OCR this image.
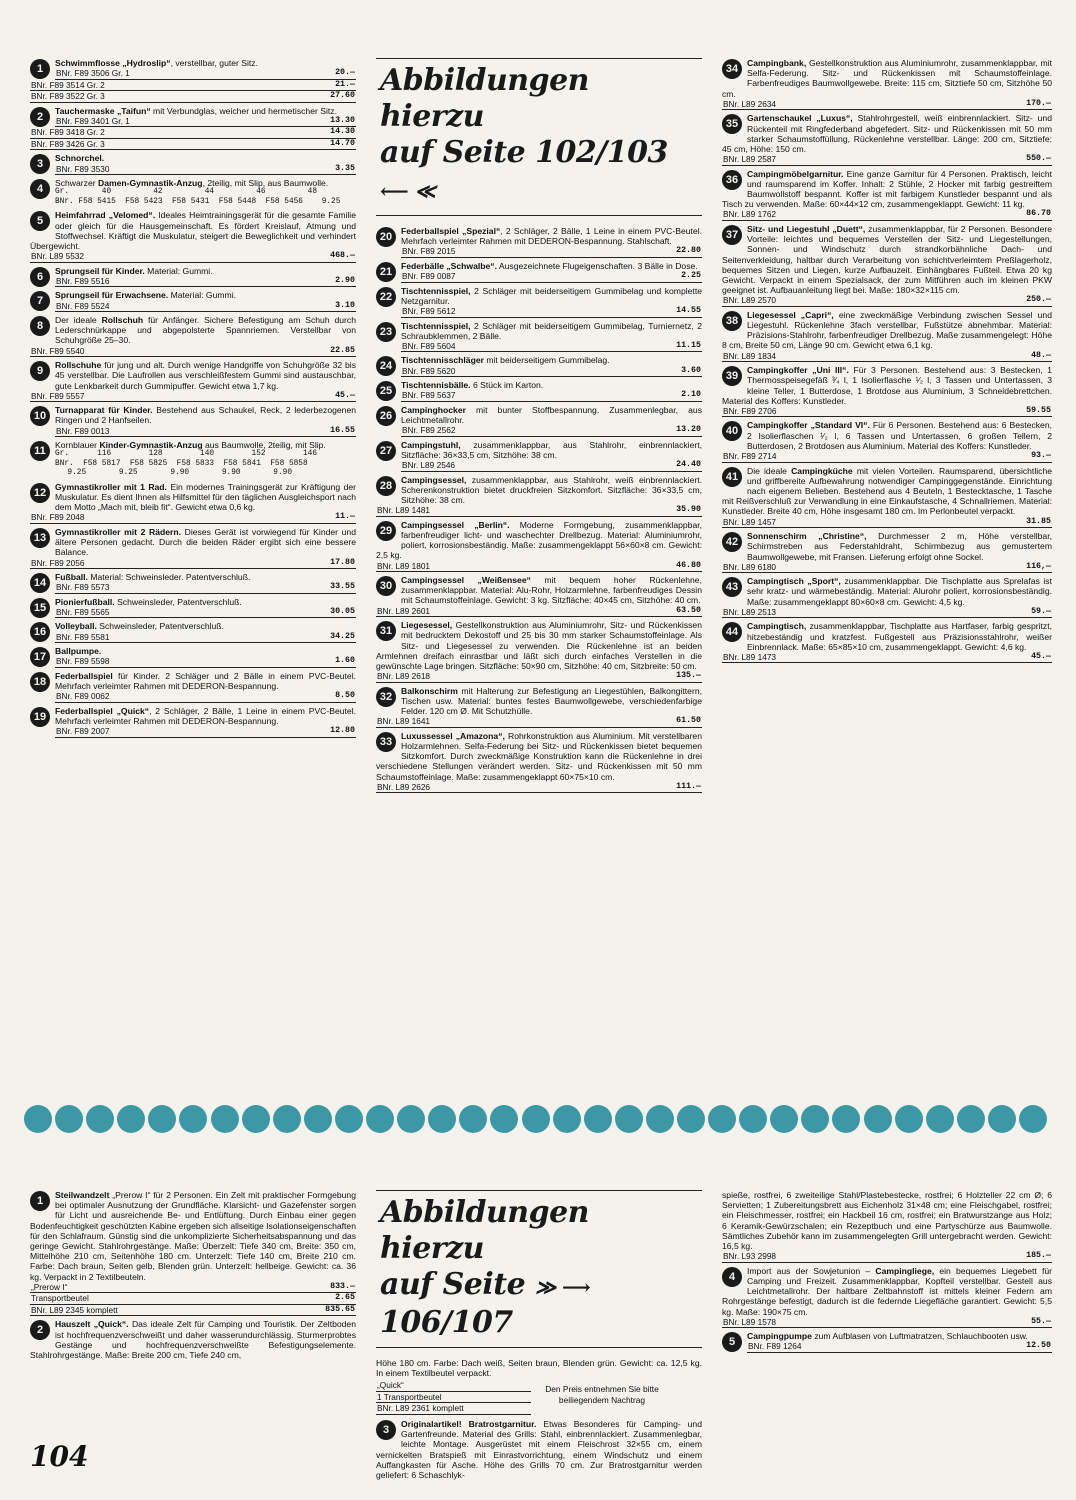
1	Schwimmflosse „Hydroslip“, verstellbar, guter Sitz.
BNr. F89 3506 Gr. 1	20.—
BNr. F89 3514 Gr. 2	21.—
BNr. F89 3522 Gr. 3	27.60
2	Tauchermaske „Taifun“ mit Verbundglas, weicher und hermetischer Sitz.
BNr. F89 3401 Gr. 1	13.30
BNr. F89 3418 Gr. 2	14.30
BNr. F89 3426 Gr. 3	14.70
3	Schnorchel.
BNr. F89 3530	3.35
4	Schwarzer Damen-Gymnastik-Anzug, 2teilig, mit Slip, aus Baumwolle.
Gr.       40         42         44         46         48
BNr. F58 5415  F58 5423  F58 5431  F58 5448  F58 5456    9.25
5	Heimfahrrad „Velomed“. Ideales Heimtrainingsgerät für die gesamte Familie oder gleich für die Hausgemeinschaft. Es fördert Kreislauf, Atmung und Stoffwechsel. Kräftigt die Muskulatur, steigert die Beweglichkeit und verhindert Übergewicht.
BNr. L89 5532	468.—
6	Sprungseil für Kinder. Material: Gummi.
BNr. F89 5516	2.90
7	Sprungseil für Erwachsene. Material: Gummi.
BNr. F89 5524	3.10
8	Der ideale Rollschuh für Anfänger. Sichere Befestigung am Schuh durch Lederschnürkappe und abgepolsterte Spannriemen. Verstellbar von Schuhgröße 25–30.
BNr. F89 5540	22.85
9	Rollschuhe für jung und alt. Durch wenige Handgriffe von Schuhgröße 32 bis 45 verstellbar. Die Laufrollen aus verschleißfestem Gummi sind austauschbar, gute Lenkbarkeit durch Gummipuffer. Gewicht etwa 1,7 kg.
BNr. F89 5557	45.—
10	Turnapparat für Kinder. Bestehend aus Schaukel, Reck, 2 lederbezogenen Ringen und 2 Hanfseilen.
BNr. F89 0013	16.55
11	Kornblauer Kinder-Gymnastik-Anzug aus Baumwolle, 2teilig, mit Slip.
Gr.      116        128        140        152        146
BNr.  F58 5817  F58 5825  F58 5833  F58 5841  F58 5858
9.25       9.25       9.90       9.90       9.90
12	Gymnastikroller mit 1 Rad. Ein modernes Trainingsgerät zur Kräftigung der Muskulatur. Es dient Ihnen als Hilfsmittel für den täglichen Ausgleichsport nach dem Motto „Mach mit, bleib fit“. Gewicht etwa 0,6 kg.
BNr. F89 2048	11.—
13	Gymnastikroller mit 2 Rädern. Dieses Gerät ist vorwiegend für Kinder und ältere Personen gedacht. Durch die beiden Räder ergibt sich eine bessere Balance.
BNr. F89 2056	17.80
14	Fußball. Material: Schweinsleder. Patentverschluß.
BNr. F89 5573	33.55
15	Pionierfußball. Schweinsleder, Patentverschluß.
BNr. F89 5565	30.05
16	Volleyball. Schweinsleder, Patentverschluß.
BNr. F89 5581	34.25
17	Ballpumpe.
BNr. F89 5598	1.60
18	Federballspiel für Kinder. 2 Schläger und 2 Bälle in einem PVC-Beutel. Mehrfach verleimter Rahmen mit DEDERON-Bespannung.
BNr. F89 0062	8.50
19	Federballspiel „Quick“, 2 Schläger, 2 Bälle, 1 Leine in einem PVC-Beutel. Mehrfach verleimter Rahmen mit DEDERON-Bespannung.
BNr. F89 2007	12.80
Abbildungen hierzu
auf Seite 102/103 ⟵ ≪
20	Federballspiel „Spezial“, 2 Schläger, 2 Bälle, 1 Leine in einem PVC-Beutel. Mehrfach verleimter Rahmen mit DEDERON-Bespannung. Stahlschaft.
BNr. F89 2015	22.80
21	Federbälle „Schwalbe“. Ausgezeichnete Flugeigenschaften. 3 Bälle in Dose.
BNr. F89 0087	2.25
22	Tischtennisspiel, 2 Schläger mit beiderseitigem Gummibelag und komplette Netzgarnitur.
BNr. F89 5612	14.55
23	Tischtennisspiel, 2 Schläger mit beiderseitigem Gummibelag, Turniernetz, 2 Schraubklemmen, 2 Bälle.
BNr. F89 5604	11.15
24	Tischtennisschläger mit beiderseitigem Gummibelag.
BNr. F89 5620	3.60
25	Tischtennisbälle. 6 Stück im Karton.
BNr. F89 5637	2.10
26	Campinghocker mit bunter Stoffbespannung. Zusammenlegbar, aus Leichtmetallrohr.
BNr. F89 2562	13.20
27	Campingstuhl, zusammenklappbar, aus Stahlrohr, einbrennlackiert, Sitzfläche: 36×33,5 cm, Sitzhöhe: 38 cm.
BNr. L89 2546	24.40
28	Campingsessel, zusammenklappbar, aus Stahlrohr, weiß einbrennlackiert. Scherenkonstruktion bietet druckfreien Sitzkomfort. Sitzfläche: 36×33,5 cm, Sitzhöhe: 38 cm.
BNr. L89 1481	35.90
29	Campingsessel „Berlin“. Moderne Formgebung, zusammenklappbar, farbenfreudiger licht- und waschechter Drellbezug. Material: Aluminiumrohr, poliert, korrosionsbeständig. Maße: zusammengeklappt 56×60×8 cm. Gewicht: 2,5 kg.
BNr. L89 1801	46.80
30	Campingsessel „Weißensee“ mit bequem hoher Rückenlehne, zusammenklappbar. Material: Alu-Rohr, Holzarmlehne, farbenfreudiges Dessin mit Schaumstoffeinlage. Gewicht: 3 kg. Sitzfläche: 40×45 cm, Sitzhöhe: 40 cm.
BNr. L89 2601	63.50
31	Liegesessel, Gestellkonstruktion aus Aluminiumrohr, Sitz- und Rückenkissen mit bedrucktem Dekostoff und 25 bis 30 mm starker Schaumstoffeinlage. Als Sitz- und Liegesessel zu verwenden. Die Rückenlehne ist an beiden Armlehnen dreifach einrastbar und läßt sich durch einfaches Verstellen in die gewünschte Lage bringen. Sitzfläche: 50×90 cm, Sitzhöhe: 40 cm, Sitzbreite: 50 cm.
BNr. L89 2618	135.—
32	Balkonschirm mit Halterung zur Befestigung an Liegestühlen, Balkongittern, Tischen usw. Material: buntes festes Baumwollgewebe, verschiedenfarbige Felder. 120 cm Ø. Mit Schutzhülle.
BNr. L89 1641	61.50
33	Luxussessel „Amazona“, Rohrkonstruktion aus Aluminium. Mit verstellbaren Holzarmlehnen. Selfa-Federung bei Sitz- und Rückenkissen bietet bequemen Sitzkomfort. Durch zweckmäßige Konstruktion kann die Rückenlehne in drei verschiedene Stellungen verändert werden. Sitz- und Rückenkissen mit 50 mm Schaumstoffeinlage. Maße: zusammengeklappt 60×75×10 cm.
BNr. L89 2626	111.—
34	Campingbank, Gestellkonstruktion aus Aluminiumrohr, zusammenklappbar, mit Selfa-Federung. Sitz- und Rückenkissen mit Schaumstoffeinlage. Farbenfreudiges Baumwollgewebe. Breite: 115 cm, Sitztiefe 50 cm, Sitzhöhe 50 cm.
BNr. L89 2634	170.—
35	Gartenschaukel „Luxus“, Stahlrohrgestell, weiß einbrennlackiert. Sitz- und Rückenteil mit Ringfederband abgefedert. Sitz- und Rückenkissen mit 50 mm starker Schaumstoffüllung, Rückenlehne verstellbar. Länge: 200 cm, Sitztiefe: 45 cm, Höhe: 150 cm.
BNr. L89 2587	550.—
36	Campingmöbelgarnitur. Eine ganze Garnitur für 4 Personen. Praktisch, leicht und raumsparend im Koffer. Inhalt: 2 Stühle, 2 Hocker mit farbig gestreiftem Baumwollstoff bespannt. Koffer ist mit farbigem Kunstleder bespannt und als Tisch zu verwenden. Maße: 60×44×12 cm, zusammengeklappt. Gewicht: 11 kg.
BNr. L89 1762	86.70
37	Sitz- und Liegestuhl „Duett“, zusammenklappbar, für 2 Personen. Besondere Vorteile: leichtes und bequemes Verstellen der Sitz- und Liegestellungen, Sonnen- und Windschutz durch strandkorbähnliche Dach- und Seitenverkleidung, haltbar durch Verarbeitung von schichtverleimtem Preßlagerholz, bequemes Sitzen und Liegen, kurze Aufbauzeit. Einhängbares Fußteil. Etwa 20 kg Gewicht. Verpackt in einem Spezialsack, der zum Mitführen auch im kleinen PKW geeignet ist. Aufbauanleitung liegt bei. Maße: 180×32×115 cm.
BNr. L89 2570	250.—
38	Liegesessel „Capri“, eine zweckmäßige Verbindung zwischen Sessel und Liegestuhl. Rückenlehne 3fach verstellbar, Fußstütze abnehmbar. Material: Präzisions-Stahlrohr, farbenfreudiger Drellbezug. Maße zusammengelegt: Höhe 8 cm, Breite 50 cm, Länge 90 cm. Gewicht etwa 6,1 kg.
BNr. L89 1834	48.—
39	Campingkoffer „Uni III“. Für 3 Personen. Bestehend aus: 3 Bestecken, 1 Thermosspeisegefäß ³⁄₄ l, 1 Isolierflasche ¹⁄₂ l, 3 Tassen und Untertassen, 3 kleine Teller, 1 Butterdose, 1 Brotdose aus Aluminium, 3 Schneidebrettchen. Material des Koffers: Kunstleder.
BNr. F89 2706	59.55
40	Campingkoffer „Standard VI“. Für 6 Personen. Bestehend aus: 6 Bestecken, 2 Isolierflaschen ¹⁄₂ l, 6 Tassen und Untertassen, 6 großen Tellern, 2 Butterdosen, 2 Brotdosen aus Aluminium. Material des Koffers: Kunstleder.
BNr. F89 2714	93.—
41	Die ideale Campingküche mit vielen Vorteilen. Raumsparend, übersichtliche und griffbereite Aufbewahrung notwendiger Campinggegenstände. Einrichtung nach eigenem Belieben. Bestehend aus 4 Beuteln, 1 Bestecktasche, 1 Tasche mit Reißverschluß zur Verwandlung in eine Einkaufstasche, 4 Schnallriemen. Material: Kunstleder. Breite 40 cm, Höhe insgesamt 180 cm. Im Perlonbeutel verpackt.
BNr. L89 1457	31.85
42	Sonnenschirm „Christine“, Durchmesser 2 m, Höhe verstellbar, Schirmstreben aus Federstahldraht, Schirmbezug aus gemustertem Baumwollgewebe, mit Fransen. Lieferung erfolgt ohne Sockel.
BNr. L89 6180	116,—
43	Campingtisch „Sport“, zusammenklappbar. Die Tischplatte aus Sprelafas ist sehr kratz- und wärmebeständig. Material: Alurohr poliert, korrosionsbeständig. Maße: zusammengeklappt 80×60×8 cm. Gewicht: 4,5 kg.
BNr. L89 2513	59.—
44	Campingtisch, zusammenklappbar, Tischplatte aus Hartfaser, farbig gespritzt, hitzebeständig und kratzfest. Fußgestell aus Präzisionsstahlrohr, weißer Einbrennlack. Maße: 65×85×10 cm, zusammengeklappt. Gewicht: 4,6 kg.
BNr. L89 1473	45.—
1	Steilwandzelt „Prerow I“ für 2 Personen. Ein Zelt mit praktischer Formgebung bei optimaler Ausnutzung der Grundfläche. Klarsicht- und Gazefenster sorgen für Licht und ausreichende Be- und Entlüftung. Durch Einbau einer gegen Bodenfeuchtigkeit geschützten Kabine ergeben sich allseitige Isolationseigenschaften für den Schlafraum. Günstig sind die unkomplizierte Sicherheitsabspannung und das geringe Gewicht. Stahlrohrgestänge. Maße: Überzelt: Tiefe 340 cm, Breite: 350 cm, Mittelhöhe 210 cm, Seitenhöhe 180 cm. Unterzelt: Tiefe 140 cm, Breite 210 cm. Farbe: Dach braun, Seiten gelb, Blenden grün. Unterzelt: hellbeige. Gewicht: ca. 36 kg. Verpackt in 2 Textilbeuteln.
„Prerow I“	833.—
Transportbeutel	2.65
BNr. L89 2345 komplett	835.65
2	Hauszelt „Quick“. Das ideale Zelt für Camping und Touristik. Der Zeltboden ist hochfrequenzverschweißt und daher wasserundurchlässig. Sturmerprobtes Gestänge und hochfrequenzverschweißte Befestigungselemente. Stahlrohrgestänge. Maße: Breite 200 cm, Tiefe 240 cm,
Abbildungen hierzu
auf Seite ≫ ⟶ 106/107
Höhe 180 cm. Farbe: Dach weiß, Seiten braun, Blenden grün. Gewicht: ca. 12,5 kg. In einem Textilbeutel verpackt.
„Quick“
1 Transportbeutel
BNr. L89 2361 komplett
Den Preis entnehmen Sie bitte beiliegendem Nachtrag
3	Originalartikel! Bratrostgarnitur. Etwas Besonderes für Camping- und Gartenfreunde. Material des Grills: Stahl, einbrennlackiert. Zusammenlegbar, leichte Montage. Ausgerüstet mit einem Fleischrost 32×55 cm, einem vernickelten Bratspieß mit Einrastvorrichtung, einem Windschutz und einem Auffangkasten für Asche. Höhe des Grills 70 cm. Zur Bratrostgarnitur werden geliefert: 6 Schaschlyk-
spieße, rostfrei, 6 zweiteilige Stahl/Plastebestecke, rostfrei; 6 Holzteller 22 cm Ø; 6 Servietten; 1 Zubereitungsbrett aus Eichenholz 31×48 cm; eine Fleischgabel, rostfrei; ein Fleischmesser, rostfrei; ein Hackbeil 16 cm, rostfrei; ein Bratwurstzange aus Holz; 6 Keramik-Gewürzschalen; ein Rezeptbuch und eine Partyschürze aus Baumwolle. Sämtliches Zubehör kann im zusammengelegten Grill untergebracht werden. Gewicht: 16,5 kg.
BNr. L93 2998	185.—
4	Import aus der Sowjetunion – Campingliege, ein bequemes Liegebett für Camping und Freizeit. Zusammenklappbar, Kopfteil verstellbar. Gestell aus Leichtmetallrohr. Der haltbare Zeltbahnstoff ist mittels kleiner Federn am Rohrgestänge befestigt, dadurch ist die federnde Liegefläche garantiert. Gewicht: 5,5 kg. Maße: 190×75 cm.
BNr. L89 1578	55.—
5	Campingpumpe zum Aufblasen von Luftmatratzen, Schlauchbooten usw.
BNr. F89 1264	12.50
104
